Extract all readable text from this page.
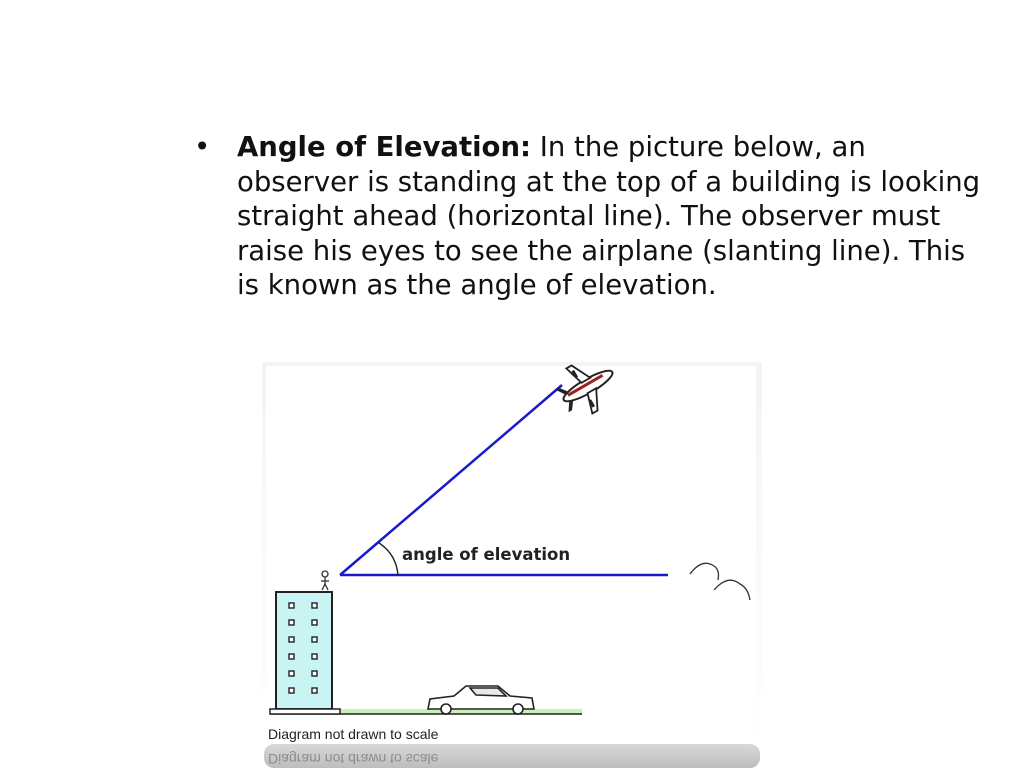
• Angle of Elevation: In the picture below, an observer is standing at the top of a building is looking straight ahead (horizontal line). The observer must raise his eyes to see the airplane (slanting line). This is known as the angle of elevation.
angle of elevation
Diagram not drawn to scale
Diagram not drawn to scale
